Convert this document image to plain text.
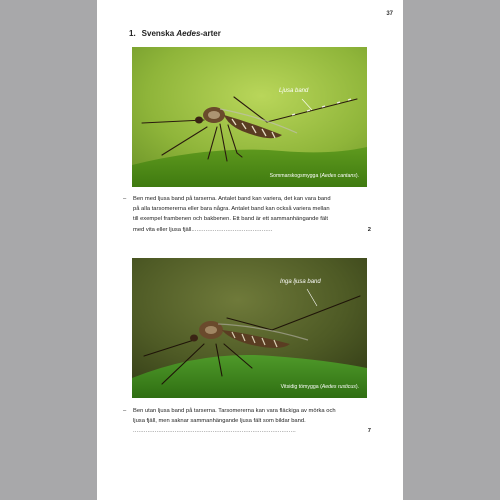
37
1. Svenska Aedes-arter
Ljusa band
Sommarskogsmygga (Aedes cantans).
– Ben med ljusa band på tarserna. Antalet band kan variera, det kan vara band
på alla tarsomererna eller bara några. Antalet band kan också variera mellan
till exempel frambenen och bakbenen. Ett band är ett sammanhängande fält
med vita eller ljusa fjäll.............................................	2
Inga ljusa band
Vitsidig tömygga (Aedes rusticus).
– Ben utan ljusa band på tarserna. Tarsomererna kan vara fläckiga av mörka och
ljusa fjäll, men saknar sammanhängande ljusa fält som bildar band.
..........................................................................................	7
